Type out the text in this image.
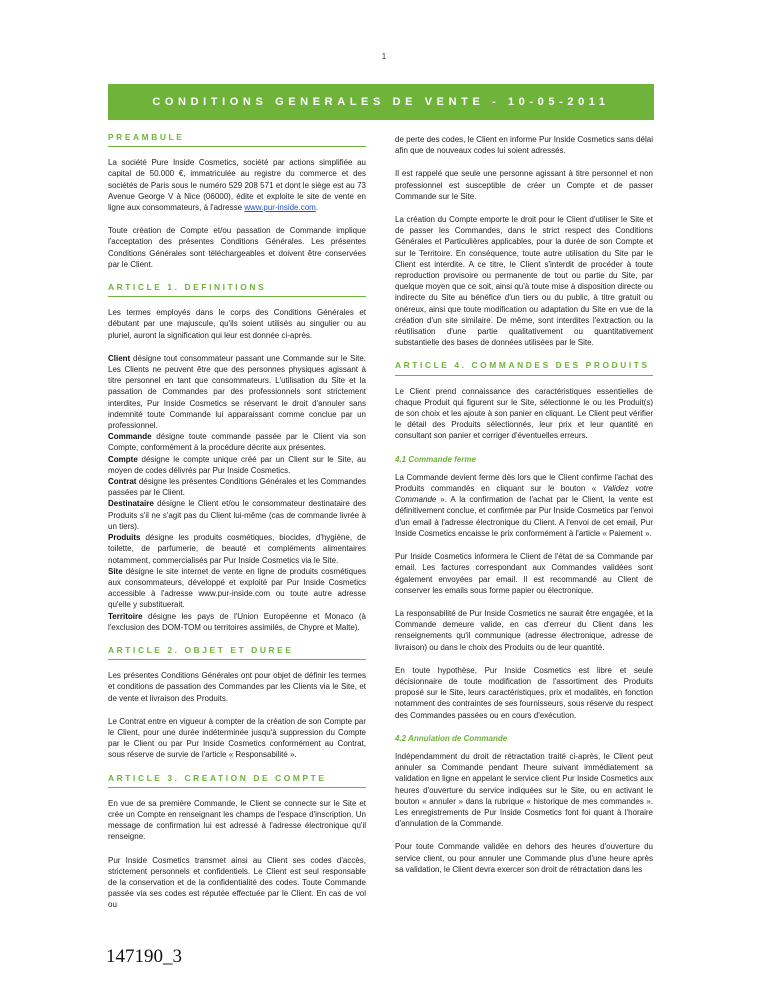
1
CONDITIONS GENERALES DE VENTE - 10-05-2011
PREAMBULE

La société Pure Inside Cosmetics, société par actions simplifiée au capital de 50.000 €, immatriculée au registre du commerce et des sociétés de Paris sous le numéro 529 208 571 et dont le siège est au 73 Avenue George V à Nice (06000), édite et exploite le site de vente en ligne aux consommateurs, à l'adresse www.pur-inside.com.

Toute création de Compte et/ou passation de Commande implique l'acceptation des présentes Conditions Générales. Les présentes Conditions Générales sont téléchargeables et doivent être conservées par le Client.

ARTICLE 1. DEFINITIONS

Les termes employés dans le corps des Conditions Générales et débutant par une majuscule, qu'ils soient utilisés au singulier ou au pluriel, auront la signification qui leur est donnée ci-après.

Client désigne tout consommateur passant une Commande sur le Site. Les Clients ne peuvent être que des personnes physiques agissant à titre personnel en tant que consommateurs. L'utilisation du Site et la passation de Commandes par des professionnels sont strictement interdites, Pur Inside Cosmetics se réservant le droit d'annuler sans indemnité toute Commande lui apparaissant comme conclue par un professionnel.

Commande désigne toute commande passée par le Client via son Compte, conformément à la procédure décrite aux présentes.

Compte désigne le compte unique créé par un Client sur le Site, au moyen de codes délivrés par Pur Inside Cosmetics.

Contrat désigne les présentes Conditions Générales et les Commandes passées par le Client.

Destinataire désigne le Client et/ou le consommateur destinataire des Produits s'il ne s'agit pas du Client lui-même (cas de commande livrée à un tiers).

Produits désigne les produits cosmétiques, biocides, d'hygiène, de toilette, de parfumerie, de beauté et compléments alimentaires notamment, commercialisés par Pur Inside Cosmetics via le Site.

Site désigne le site internet de vente en ligne de produits cosmétiques aux consommateurs, développé et exploité par Pur Inside Cosmetics accessible à l'adresse www.pur-inside.com ou toute autre adresse qu'elle y substituerait.

Territoire désigne les pays de l'Union Européenne et Monaco (à l'exclusion des DOM-TOM ou territoires assimilés, de Chypre et Malte).

ARTICLE 2. OBJET ET DUREE

Les présentes Conditions Générales ont pour objet de définir les termes et conditions de passation des Commandes par les Clients via le Site, et de vente et livraison des Produits.

Le Contrat entre en vigueur à compter de la création de son Compte par le Client, pour une durée indéterminée jusqu'à suppression du Compte par le Client ou par Pur Inside Cosmetics conformément au Contrat, sous réserve de survie de l'article « Responsabilité ».

ARTICLE 3. CREATION DE COMPTE

En vue de sa première Commande, le Client se connecte sur le Site et crée un Compte en renseignant les champs de l'espace d'inscription. Un message de confirmation lui est adressé à l'adresse électronique qu'il renseigne.

Pur Inside Cosmetics transmet ainsi au Client ses codes d'accès, strictement personnels et confidentiels. Le Client est seul responsable de la conservation et de la confidentialité des codes. Toute Commande passée via ses codes est réputée effectuée par le Client. En cas de vol ou

de perte des codes, le Client en informe Pur Inside Cosmetics sans délai afin que de nouveaux codes lui soient adressés.

Il est rappelé que seule une personne agissant à titre personnel et non professionnel est susceptible de créer un Compte et de passer Commande sur le Site.

La création du Compte emporte le droit pour le Client d'utiliser le Site et de passer les Commandes, dans le strict respect des Conditions Générales et Particulières applicables, pour la durée de son Compte et sur le Territoire. En conséquence, toute autre utilisation du Site par le Client est interdite. A ce titre, le Client s'interdit de procéder à toute reproduction provisoire ou permanente de tout ou partie du Site, par quelque moyen que ce soit, ainsi qu'à toute mise à disposition directe ou indirecte du Site au bénéfice d'un tiers ou du public, à titre gratuit ou onéreux, ainsi que toute modification ou adaptation du Site en vue de la création d'un site similaire. De même, sont interdites l'extraction ou la réutilisation d'une partie qualitativement ou quantitativement substantielle des bases de données utilisées par le Site.

ARTICLE 4. COMMANDES DES PRODUITS

Le Client prend connaissance des caractéristiques essentielles de chaque Produit qui figurent sur le Site, sélectionne le ou les Produit(s) de son choix et les ajoute à son panier en cliquant. Le Client peut vérifier le détail des Produits sélectionnés, leur prix et leur quantité en consultant son panier et corriger d'éventuelles erreurs.

4.1 Commande ferme

La Commande devient ferme dès lors que le Client confirme l'achat des Produits commandés en cliquant sur le bouton « Validez votre Commande ». A la confirmation de l'achat par le Client, la vente est définitivement conclue, et confirmée par Pur Inside Cosmetics par l'envoi d'un email à l'adresse électronique du Client. A l'envoi de cet email, Pur Inside Cosmetics encaisse le prix conformément à l'article « Paiement ».

Pur Inside Cosmetics informera le Client de l'état de sa Commande par email. Les factures correspondant aux Commandes validées sont également envoyées par email. Il est recommandé au Client de conserver les emails sous forme papier ou électronique.

La responsabilité de Pur Inside Cosmetics ne saurait être engagée, et la Commande demeure valide, en cas d'erreur du Client dans les renseignements qu'il communique (adresse électronique, adresse de livraison) ou dans le choix des Produits ou de leur quantité.

En toute hypothèse, Pur Inside Cosmetics est libre et seule décisionnaire de toute modification de l'assortiment des Produits proposé sur le Site, leurs caractéristiques, prix et modalités, en fonction notamment des contraintes de ses fournisseurs, sous réserve du respect des Commandes passées ou en cours d'exécution.

4.2 Annulation de Commande

Indépendamment du droit de rétractation traité ci-après, le Client peut annuler sa Commande pendant l'heure suivant immédiatement sa validation en ligne en appelant le service client Pur Inside Cosmetics aux heures d'ouverture du service indiquées sur le Site, ou en activant le bouton « annuler » dans la rubrique « historique de mes commandes ». Les enregistrements de Pur Inside Cosmetics font foi quant à l'horaire d'annulation de la Commande.

Pour toute Commande validée en dehors des heures d'ouverture du service client, ou pour annuler une Commande plus d'une heure après sa validation, le Client devra exercer son droit de rétractation dans les

147190_3
